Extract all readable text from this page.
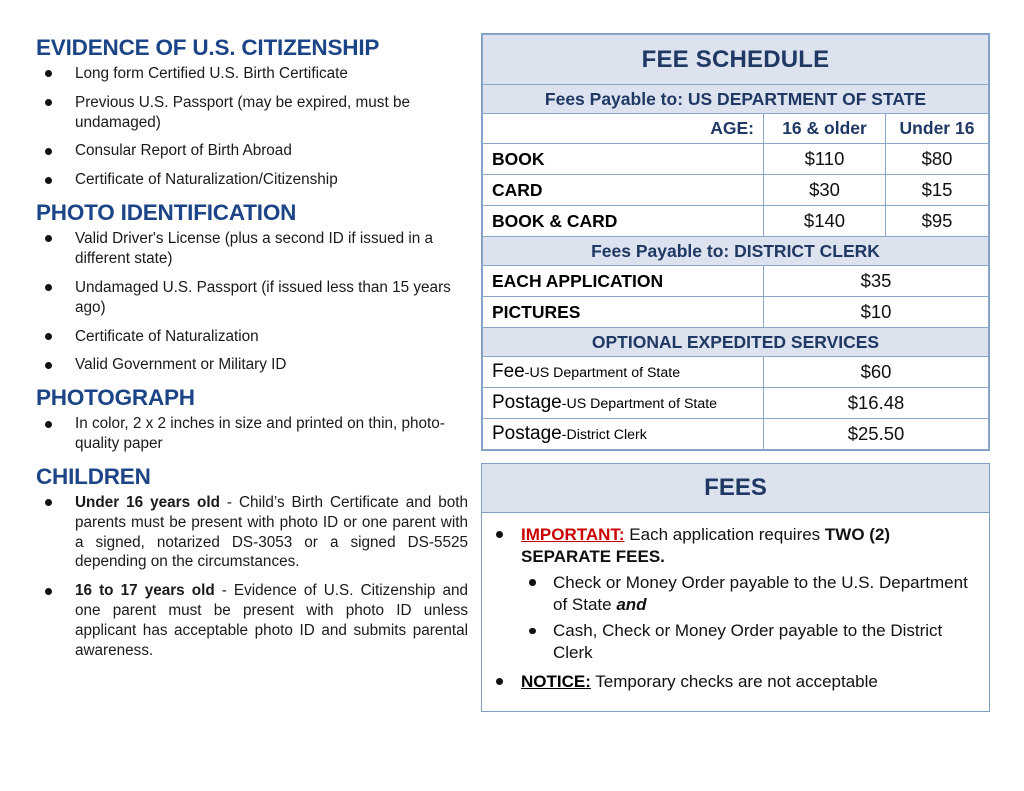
EVIDENCE OF U.S. CITIZENSHIP
Long form Certified U.S. Birth Certificate
Previous U.S. Passport (may be expired, must be undamaged)
Consular Report of Birth Abroad
Certificate of Naturalization/Citizenship
PHOTO IDENTIFICATION
Valid Driver's License (plus a second ID if issued in a different state)
Undamaged U.S. Passport (if issued less than 15 years ago)
Certificate of Naturalization
Valid Government or Military ID
PHOTOGRAPH
In color, 2 x 2 inches in size and printed on thin, photo-quality paper
CHILDREN
Under 16 years old - Child’s Birth Certificate and both parents must be present with photo ID or one parent with a signed, notarized DS-3053 or a signed DS-5525 depending on the circumstances.
16 to 17 years old - Evidence of U.S. Citizenship and one parent must be present with photo ID unless applicant has acceptable photo ID and submits parental awareness.
FEE SCHEDULE		
Fees Payable to: US DEPARTMENT OF STATE		
AGE:	16 & older	Under 16
BOOK	$110	$80
CARD	$30	$15
BOOK & CARD	$140	$95
Fees Payable to: DISTRICT CLERK		
EACH APPLICATION	$35	
PICTURES	$10	
OPTIONAL EXPEDITED SERVICES		
Fee-US Department of State	$60	
Postage-US Department of State	$16.48	
Postage-District Clerk	$25.50	
FEES
IMPORTANT: Each application requires TWO (2) SEPARATE FEES.
Check or Money Order payable to the U.S. Department of State and
Cash, Check or Money Order payable to the District Clerk
NOTICE: Temporary checks are not acceptable
